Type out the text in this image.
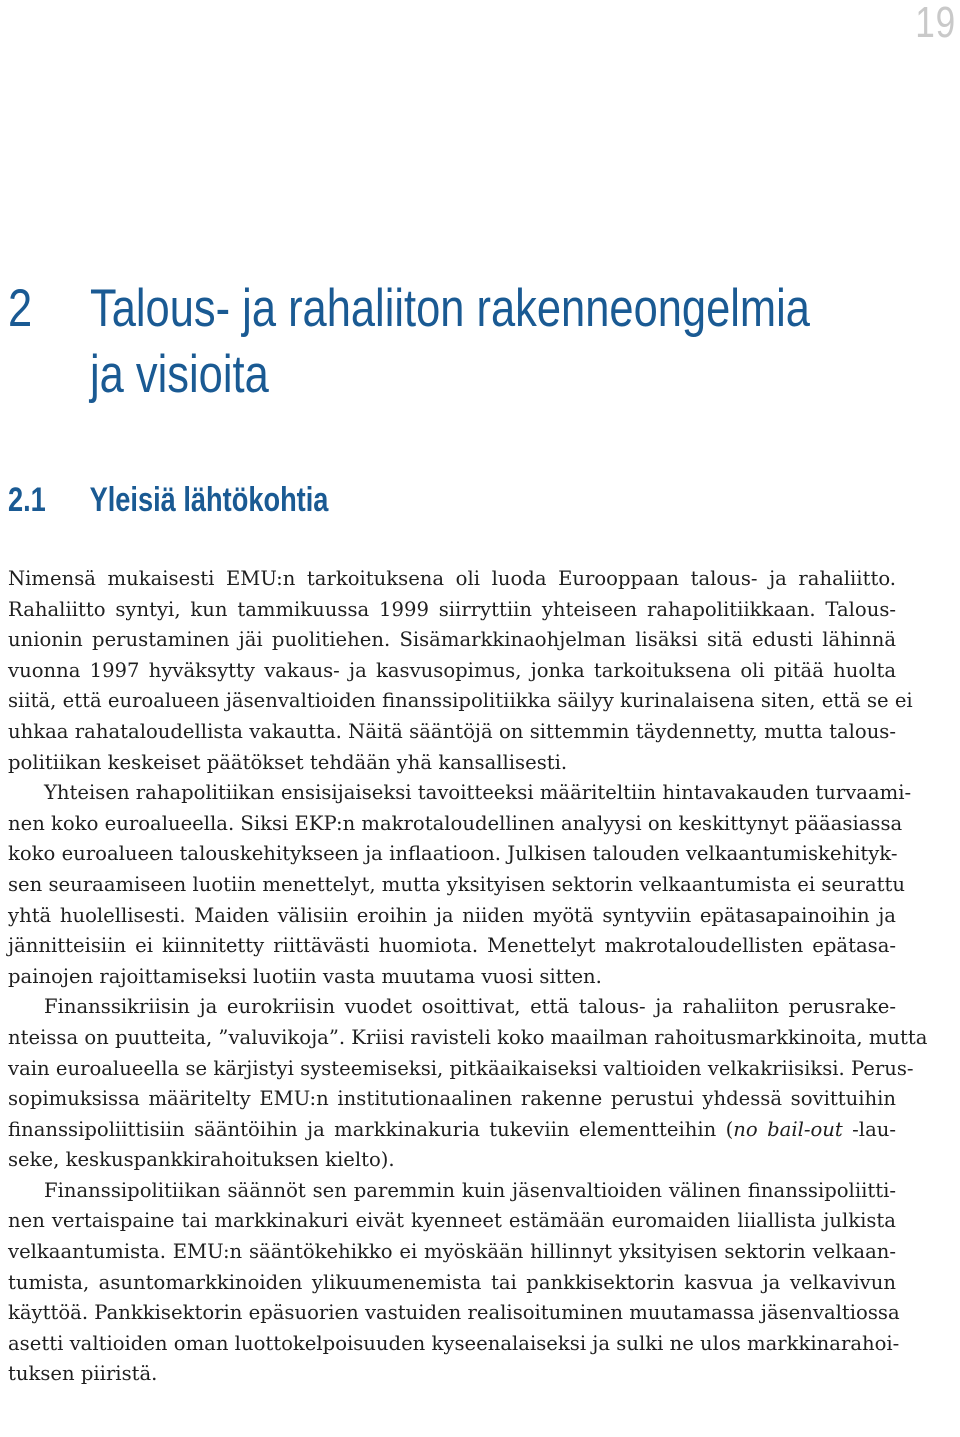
19
2 Talous- ja rahaliiton rakenneongelmia
ja visioita
2.1 Yleisiä lähtökohtia
Nimensä mukaisesti EMU:n tarkoituksena oli luoda Eurooppaan talous- ja rahaliitto.
Rahaliitto syntyi, kun tammikuussa 1999 siirryttiin yhteiseen rahapolitiikkaan. Talous-
unionin perustaminen jäi puolitiehen. Sisämarkkinaohjelman lisäksi sitä edusti lähinnä
vuonna 1997 hyväksytty vakaus- ja kasvusopimus, jonka tarkoituksena oli pitää huolta
siitä, että euroalueen jäsenvaltioiden finanssipolitiikka säilyy kurinalaisena siten, että se ei
uhkaa rahataloudellista vakautta. Näitä sääntöjä on sittemmin täydennetty, mutta talous-
politiikan keskeiset päätökset tehdään yhä kansallisesti.
Yhteisen rahapolitiikan ensisijaiseksi tavoitteeksi määriteltiin hintavakauden turvaami-
nen koko euroalueella. Siksi EKP:n makrotaloudellinen analyysi on keskittynyt pääasiassa
koko euroalueen talouskehitykseen ja inflaatioon. Julkisen talouden velkaantumiskehityk-
sen seuraamiseen luotiin menettelyt, mutta yksityisen sektorin velkaantumista ei seurattu
yhtä huolellisesti. Maiden välisiin eroihin ja niiden myötä syntyviin epätasapainoihin ja
jännitteisiin ei kiinnitetty riittävästi huomiota. Menettelyt makrotaloudellisten epätasa-
painojen rajoittamiseksi luotiin vasta muutama vuosi sitten.
Finanssikriisin ja eurokriisin vuodet osoittivat, että talous- ja rahaliiton perusrake-
nteissa on puutteita, ”valuvikoja”. Kriisi ravisteli koko maailman rahoitusmarkkinoita, mutta
vain euroalueella se kärjistyi systeemiseksi, pitkäaikaiseksi valtioiden velkakriisiksi. Perus-
sopimuksissa määritelty EMU:n institutionaalinen rakenne perustui yhdessä sovittuihin
finanssipoliittisiin sääntöihin ja markkinakuria tukeviin elementteihin (no bail-out -lau-
seke, keskuspankkirahoituksen kielto).
Finanssipolitiikan säännöt sen paremmin kuin jäsenvaltioiden välinen finanssipoliitti-
nen vertaispaine tai markkinakuri eivät kyenneet estämään euromaiden liiallista julkista
velkaantumista. EMU:n sääntökehikko ei myöskään hillinnyt yksityisen sektorin velkaan-
tumista, asuntomarkkinoiden ylikuumenemista tai pankkisektorin kasvua ja velkavivun
käyttöä. Pankkisektorin epäsuorien vastuiden realisoituminen muutamassa jäsenvaltiossa
asetti valtioiden oman luottokelpoisuuden kyseenalaiseksi ja sulki ne ulos markkinarahoi-
tuksen piiristä.
